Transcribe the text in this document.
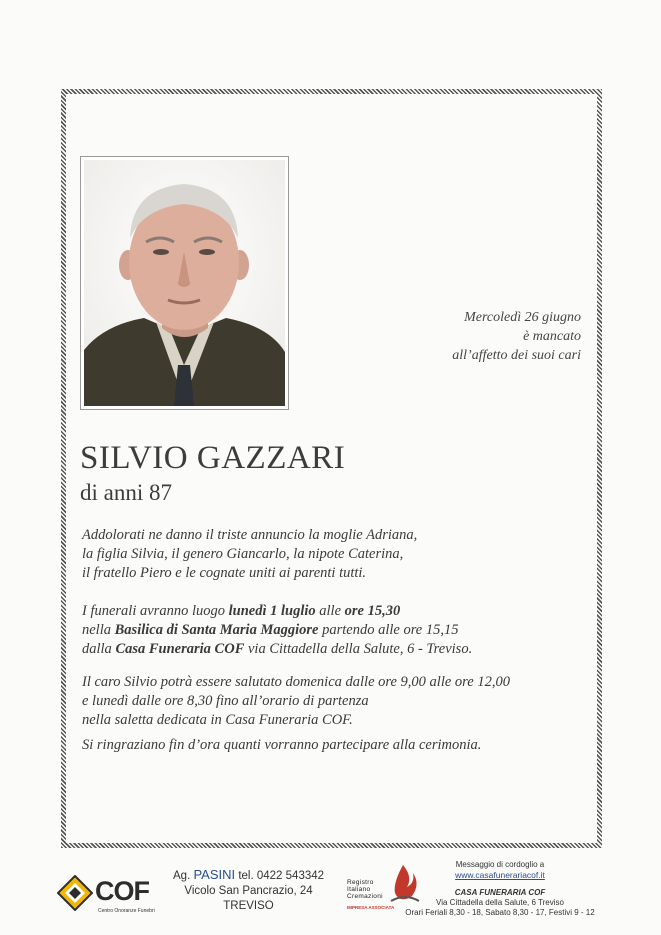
Mercoledì 26 giugno
è mancato
all’affetto dei suoi cari
SILVIO GAZZARI
di anni 87
Addolorati ne danno il triste annuncio la moglie Adriana,
la figlia Silvia, il genero Giancarlo, la nipote Caterina,
il fratello Piero e le cognate uniti ai parenti tutti.
I funerali avranno luogo lunedì 1 luglio alle ore 15,30
nella Basilica di Santa Maria Maggiore partendo alle ore 15,15
dalla Casa Funeraria COF via Cittadella della Salute, 6 - Treviso.
Il caro Silvio potrà essere salutato domenica dalle ore 9,00 alle ore 12,00
e lunedì dalle ore 8,30 fino all’orario di partenza
nella saletta dedicata in Casa Funeraria COF.
Si ringraziano fin d’ora quanti vorranno partecipare alla cerimonia.
COF
Centro Onoranze Funebri
Ag. PASINI tel. 0422 543342
Vicolo San Pancrazio, 24
TREVISO
Registro
Italiano
Cremazioni
IMPRESA ASSOCIATA
Messaggio di cordoglio a
www.casafunerariacof.it
CASA FUNERARIA COF
Via Cittadella della Salute, 6 Treviso
Orari Feriali 8,30 - 18, Sabato 8,30 - 17, Festivi 9 - 12
